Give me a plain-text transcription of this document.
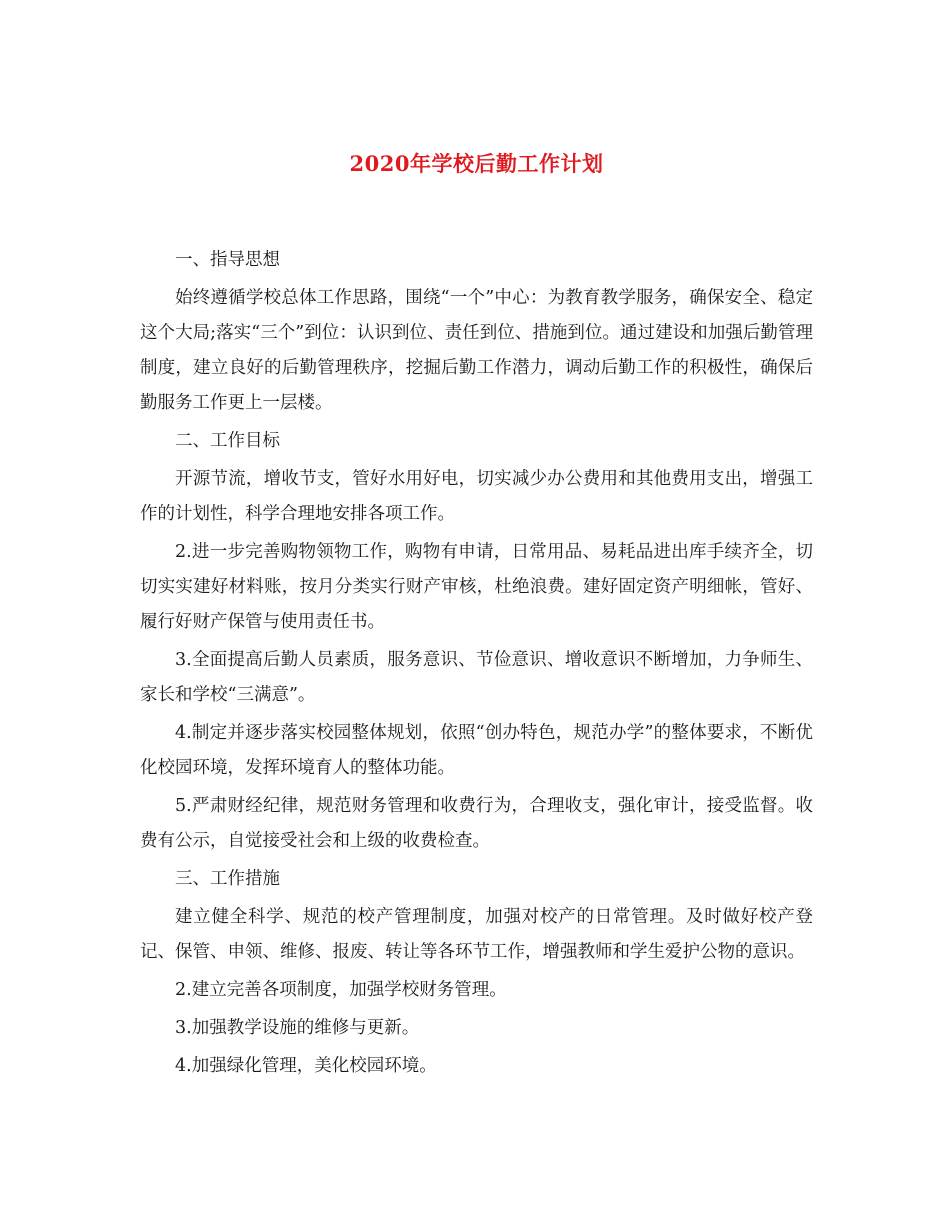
2020年学校后勤工作计划

一、指导思想

始终遵循学校总体工作思路，围绕“一个”中心：为教育教学服务，确保安全、稳定这个大局;落实“三个”到位：认识到位、责任到位、措施到位。通过建设和加强后勤管理制度，建立良好的后勤管理秩序，挖掘后勤工作潜力，调动后勤工作的积极性，确保后勤服务工作更上一层楼。

二、工作目标

开源节流，增收节支，管好水用好电，切实减少办公费用和其他费用支出，增强工作的计划性，科学合理地安排各项工作。

2.进一步完善购物领物工作，购物有申请，日常用品、易耗品进出库手续齐全，切切实实建好材料账，按月分类实行财产审核，杜绝浪费。建好固定资产明细帐，管好、履行好财产保管与使用责任书。

3.全面提高后勤人员素质，服务意识、节俭意识、增收意识不断增加，力争师生、家长和学校“三满意”。

4.制定并逐步落实校园整体规划，依照“创办特色，规范办学”的整体要求，不断优化校园环境，发挥环境育人的整体功能。

5.严肃财经纪律，规范财务管理和收费行为，合理收支，强化审计，接受监督。收费有公示，自觉接受社会和上级的收费检查。

三、工作措施

建立健全科学、规范的校产管理制度，加强对校产的日常管理。及时做好校产登记、保管、申领、维修、报废、转让等各环节工作，增强教师和学生爱护公物的意识。

2.建立完善各项制度，加强学校财务管理。

3.加强教学设施的维修与更新。

4.加强绿化管理，美化校园环境。
